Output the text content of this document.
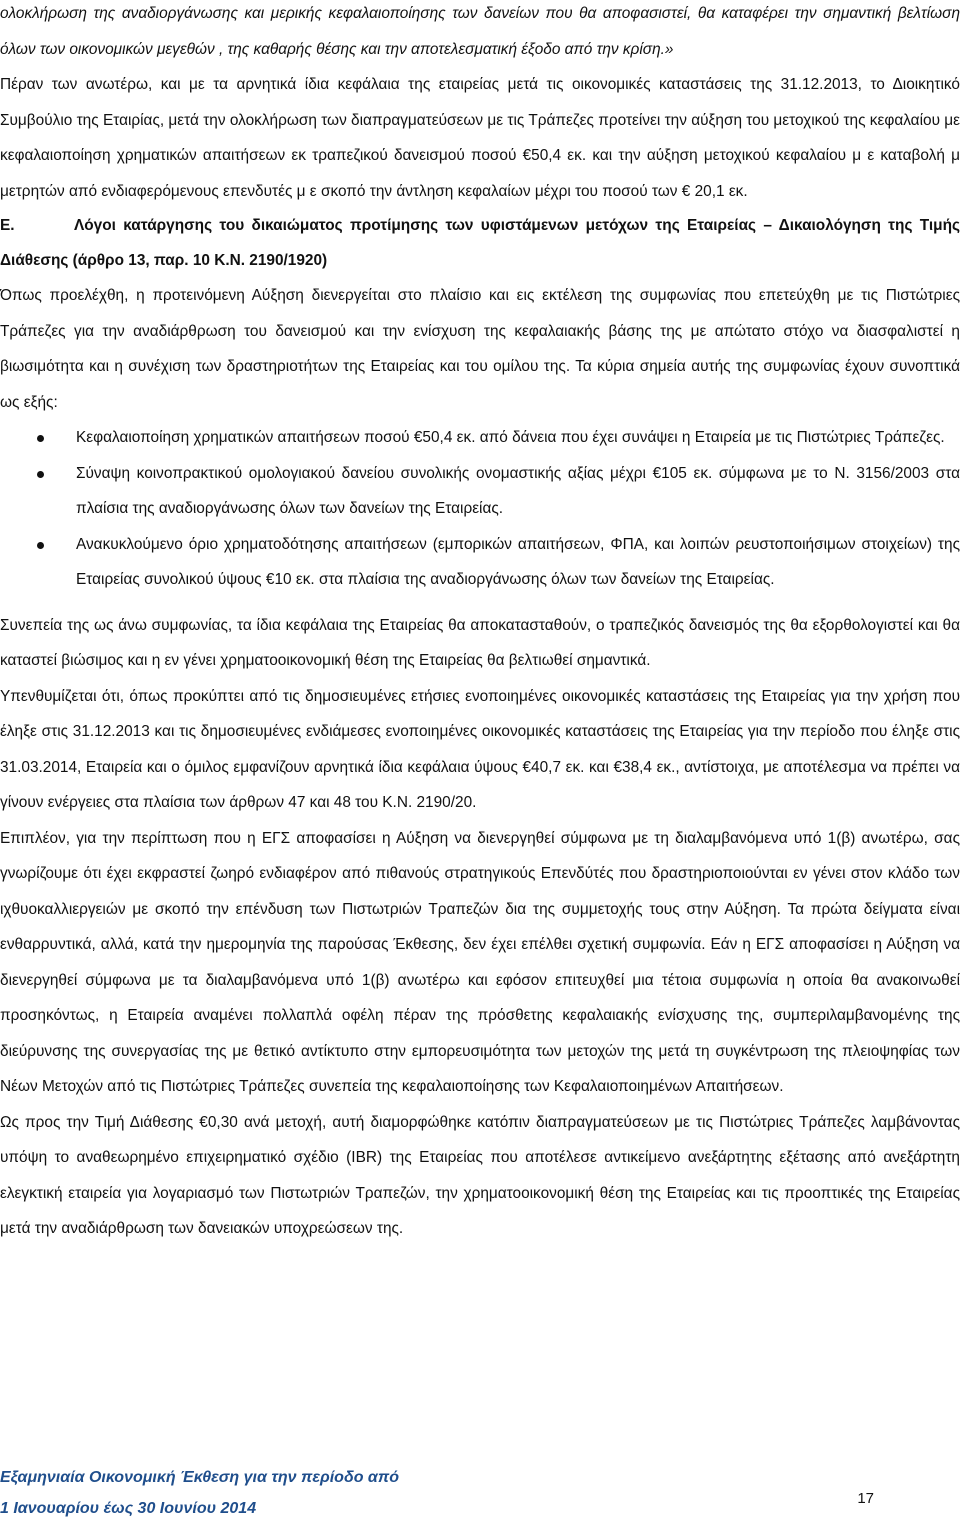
ολοκλήρωση της αναδιοργάνωσης και μερικής κεφαλαιοποίησης των δανείων που θα αποφασιστεί, θα καταφέρει την σημαντική βελτίωση όλων των οικονομικών μεγεθών , της καθαρής θέσης και την αποτελεσματική έξοδο από την κρίση.»

Πέραν των ανωτέρω, και με τα αρνητικά ίδια κεφάλαια της εταιρείας μετά τις οικονομικές καταστάσεις της 31.12.2013, το Διοικητικό Συμβούλιο της Εταιρίας, μετά την ολοκλήρωση των διαπραγματεύσεων με τις Τράπεζες προτείνει την αύξηση του μετοχικού της κεφαλαίου με κεφαλαιοποίηση χρηματικών απαιτήσεων εκ τραπεζικού δανεισμού ποσού €50,4 εκ. και την αύξηση μετοχικού κεφαλαίου μ ε καταβολή μ μετρητών από ενδιαφερόμενους επενδυτές μ ε σκοπό την άντληση κεφαλαίων μέχρι του ποσού των € 20,1 εκ.

Ε.	Λόγοι κατάργησης του δικαιώματος προτίμησης των υφιστάμενων μετόχων της Εταιρείας – Δικαιολόγηση της Τιμής Διάθεσης (άρθρο 13, παρ. 10 Κ.Ν. 2190/1920)

Όπως προελέχθη, η προτεινόμενη Αύξηση διενεργείται στο πλαίσιο και εις εκτέλεση της συμφωνίας που επετεύχθη με τις Πιστώτριες Τράπεζες για την αναδιάρθρωση του δανεισμού και την ενίσχυση της κεφαλαιακής βάσης της με απώτατο στόχο να διασφαλιστεί η βιωσιμότητα και η συνέχιση των δραστηριοτήτων της Εταιρείας και του ομίλου της. Τα κύρια σημεία αυτής της συμφωνίας έχουν συνοπτικά ως εξής:

Κεφαλαιοποίηση χρηματικών απαιτήσεων ποσού €50,4 εκ. από δάνεια που έχει συνάψει η Εταιρεία με τις Πιστώτριες Τράπεζες.
Σύναψη κοινοπρακτικού ομολογιακού δανείου συνολικής ονομαστικής αξίας μέχρι €105 εκ. σύμφωνα με το Ν. 3156/2003 στα πλαίσια της αναδιοργάνωσης όλων των δανείων της Εταιρείας.
Ανακυκλούμενο όριο χρηματοδότησης απαιτήσεων (εμπορικών απαιτήσεων, ΦΠΑ, και λοιπών ρευστοποιήσιμων στοιχείων) της Εταιρείας συνολικού ύψους €10 εκ. στα πλαίσια της αναδιοργάνωσης όλων των δανείων της Εταιρείας.

Συνεπεία της ως άνω συμφωνίας, τα ίδια κεφάλαια της Εταιρείας θα αποκατασταθούν, ο τραπεζικός δανεισμός της θα εξορθολογιστεί και θα καταστεί βιώσιμος και η εν γένει χρηματοοικονομική θέση της Εταιρείας θα βελτιωθεί σημαντικά.

Υπενθυμίζεται ότι, όπως προκύπτει από τις δημοσιευμένες ετήσιες ενοποιημένες οικονομικές καταστάσεις της Εταιρείας για την χρήση που έληξε στις 31.12.2013 και τις δημοσιευμένες ενδιάμεσες ενοποιημένες οικονομικές καταστάσεις της Εταιρείας για την περίοδο που έληξε στις 31.03.2014, Εταιρεία και ο όμιλος εμφανίζουν αρνητικά ίδια κεφάλαια ύψους €40,7 εκ. και €38,4 εκ., αντίστοιχα, με αποτέλεσμα να πρέπει να γίνουν ενέργειες στα πλαίσια των άρθρων 47 και 48 του Κ.Ν. 2190/20.

Επιπλέον, για την περίπτωση που η ΕΓΣ αποφασίσει η Αύξηση να διενεργηθεί σύμφωνα με τη διαλαμβανόμενα υπό 1(β) ανωτέρω, σας γνωρίζουμε ότι έχει εκφραστεί ζωηρό ενδιαφέρον από πιθανούς στρατηγικούς Επενδύτές που δραστηριοποιούνται εν γένει στον κλάδο των ιχθυοκαλλιεργειών με σκοπό την επένδυση των Πιστωτριών Τραπεζών δια της συμμετοχής τους στην Αύξηση. Τα πρώτα δείγματα είναι ενθαρρυντικά, αλλά, κατά την ημερομηνία της παρούσας Έκθεσης, δεν έχει επέλθει σχετική συμφωνία. Εάν η ΕΓΣ αποφασίσει η Αύξηση να διενεργηθεί σύμφωνα με τα διαλαμβανόμενα υπό 1(β) ανωτέρω και εφόσον επιτευχθεί μια τέτοια συμφωνία η οποία θα ανακοινωθεί προσηκόντως, η Εταιρεία αναμένει πολλαπλά οφέλη πέραν της πρόσθετης κεφαλαιακής ενίσχυσης της, συμπεριλαμβανομένης της διεύρυνσης της συνεργασίας της με θετικό αντίκτυπο στην εμπορευσιμότητα των μετοχών της μετά τη συγκέντρωση της πλειοψηφίας των Νέων Μετοχών από τις Πιστώτριες Τράπεζες συνεπεία της κεφαλαιοποίησης των Κεφαλαιοποιημένων Απαιτήσεων.

Ως προς την Τιμή Διάθεσης €0,30 ανά μετοχή, αυτή διαμορφώθηκε κατόπιν διαπραγματεύσεων με τις Πιστώτριες Τράπεζες λαμβάνοντας υπόψη το αναθεωρημένο επιχειρηματικό σχέδιο (IBR) της Εταιρείας που αποτέλεσε αντικείμενο ανεξάρτητης εξέτασης από ανεξάρτητη ελεγκτική εταιρεία για λογαριασμό των Πιστωτριών Τραπεζών, την χρηματοοικονομική θέση της Εταιρείας και τις προοπτικές της Εταιρείας μετά την αναδιάρθρωση των δανειακών υποχρεώσεων της.

Εξαμηνιαία Οικονομική Έκθεση για την περίοδο από
1 Ιανουαρίου έως 30 Ιουνίου 2014
17
